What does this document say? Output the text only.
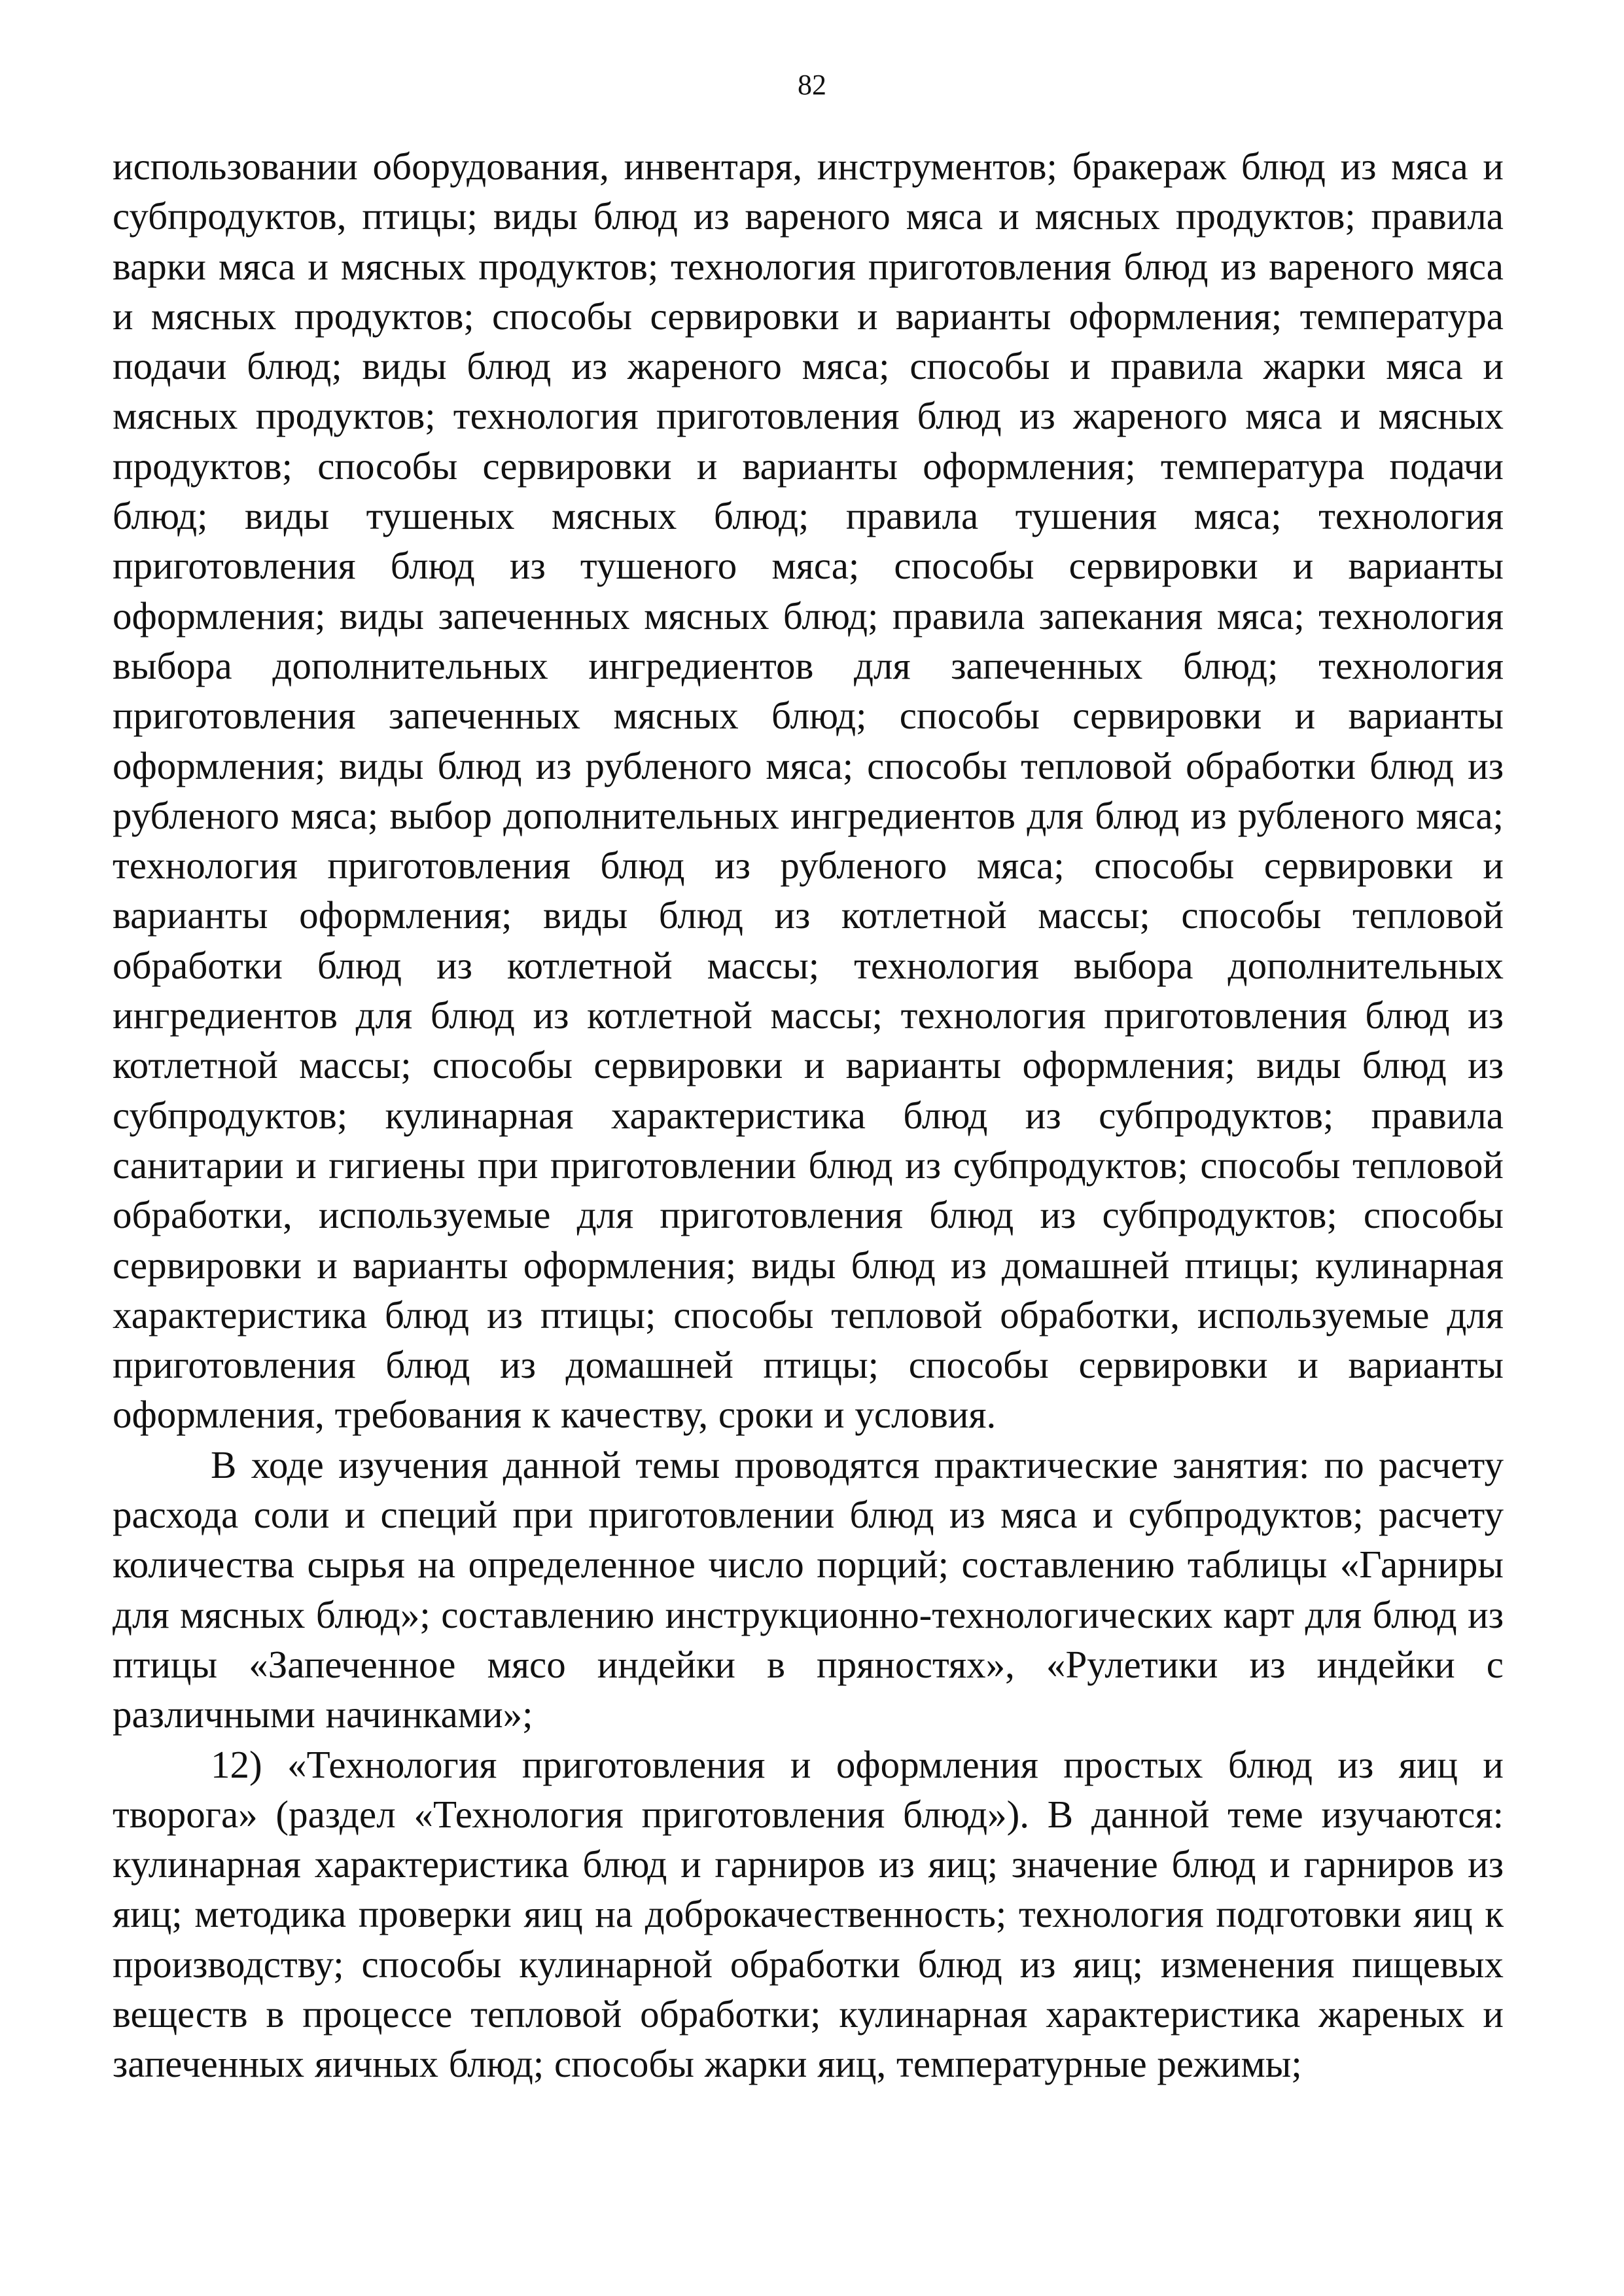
82

использовании оборудования, инвентаря, инструментов; бракераж блюд из мяса и субпродуктов, птицы; виды блюд из вареного мяса и мясных продуктов; правила варки мяса и мясных продуктов; технология приготовления блюд из вареного мяса и мясных продуктов; способы сервировки и варианты оформления; температура подачи блюд; виды блюд из жареного мяса; способы и правила жарки мяса и мясных продуктов; технология приготовления блюд из жареного мяса и мясных продуктов; способы сервировки и варианты оформления; температура подачи блюд; виды тушеных мясных блюд; правила тушения мяса; технология приготовления блюд из тушеного мяса; способы сервировки и варианты оформления; виды запеченных мясных блюд; правила запекания мяса; технология выбора дополнительных ингредиентов для запеченных блюд; технология приготовления запеченных мясных блюд; способы сервировки и варианты оформления; виды блюд из рубленого мяса; способы тепловой обработки блюд из рубленого мяса; выбор дополнительных ингредиентов для блюд из рубленого мяса; технология приготовления блюд из рубленого мяса; способы сервировки и варианты оформления; виды блюд из котлетной массы; способы тепловой обработки блюд из котлетной массы; технология выбора дополнительных ингредиентов для блюд из котлетной массы; технология приготовления блюд из котлетной массы; способы сервировки и варианты оформления; виды блюд из субпродуктов; кулинарная характеристика блюд из субпродуктов; правила санитарии и гигиены при приготовлении блюд из субпродуктов; способы тепловой обработки, используемые для приготовления блюд из субпродуктов; способы сервировки и варианты оформления; виды блюд из домашней птицы; кулинарная характеристика блюд из птицы; способы тепловой обработки, используемые для приготовления блюд из домашней птицы; способы сервировки и варианты оформления, требования к качеству, сроки и условия.

В ходе изучения данной темы проводятся практические занятия: по расчету расхода соли и специй при приготовлении блюд из мяса и субпродуктов; расчету количества сырья на определенное число порций; составлению таблицы «Гарниры для мясных блюд»; составлению инструкционно-технологических карт для блюд из птицы «Запеченное мясо индейки в пряностях», «Рулетики из индейки с различными начинками»;

12) «Технология приготовления и оформления простых блюд из яиц и творога» (раздел «Технология приготовления блюд»). В данной теме изучаются: кулинарная характеристика блюд и гарниров из яиц; значение блюд и гарниров из яиц; методика проверки яиц на доброкачественность; технология подготовки яиц к производству; способы кулинарной обработки блюд из яиц; изменения пищевых веществ в процессе тепловой обработки; кулинарная характеристика жареных и запеченных яичных блюд; способы жарки яиц, температурные режимы;
